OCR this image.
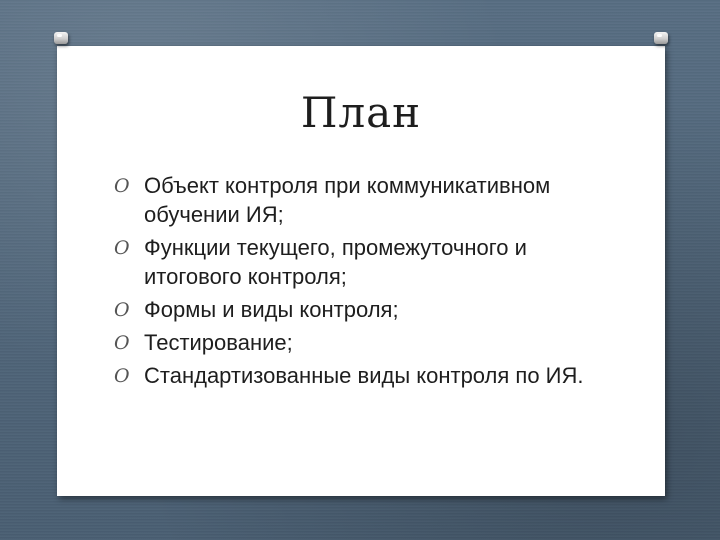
План
O Объект контроля при коммуникативном обучении ИЯ;
O Функции текущего, промежуточного и итогового контроля;
O Формы и виды контроля;
O Тестирование;
O Стандартизованные виды контроля по ИЯ.
